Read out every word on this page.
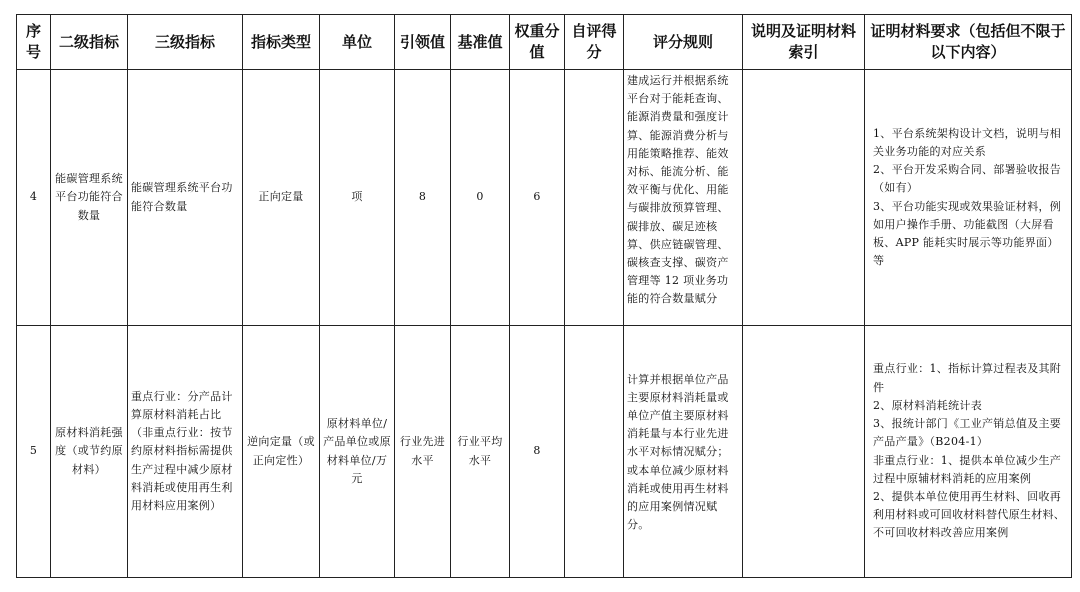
序号	二级指标	三级指标	指标类型	单位	引领值	基准值	权重分值	自评得分	评分规则	说明及证明材料索引	证明材料要求（包括但不限于以下内容）
4	能碳管理系统平台功能符合数量	能碳管理系统平台功能符合数量	正向定量	项	8	0	6		建成运行并根据系统平台对于能耗查询、能源消费量和强度计算、能源消费分析与用能策略推荐、能效对标、能流分析、能效平衡与优化、用能与碳排放预算管理、碳排放、碳足迹核算、供应链碳管理、碳核查支撑、碳资产管理等 12 项业务功能的符合数量赋分		1、平台系统架构设计文档，说明与相关业务功能的对应关系
2、平台开发采购合同、部署验收报告（如有）
3、平台功能实现或效果验证材料，例如用户操作手册、功能截图（大屏看板、APP 能耗实时展示等功能界面）等
5	原材料消耗强度（或节约原材料）	重点行业：分产品计算原材料消耗占比（非重点行业：按节约原材料指标需提供生产过程中减少原材料消耗或使用再生利用材料应用案例）	逆向定量（或正向定性）	原材料单位/产品单位或原材料单位/万元	行业先进水平	行业平均水平	8		计算并根据单位产品主要原材料消耗量或单位产值主要原材料消耗量与本行业先进水平对标情况赋分；或本单位减少原材料消耗或使用再生材料的应用案例情况赋分。		重点行业：1、指标计算过程表及其附件
2、原材料消耗统计表
3、报统计部门《工业产销总值及主要产品产量》（B204-1）
非重点行业：1、提供本单位减少生产过程中原辅材料消耗的应用案例
2、提供本单位使用再生材料、回收再利用材料或可回收材料替代原生材料、不可回收材料改善应用案例
